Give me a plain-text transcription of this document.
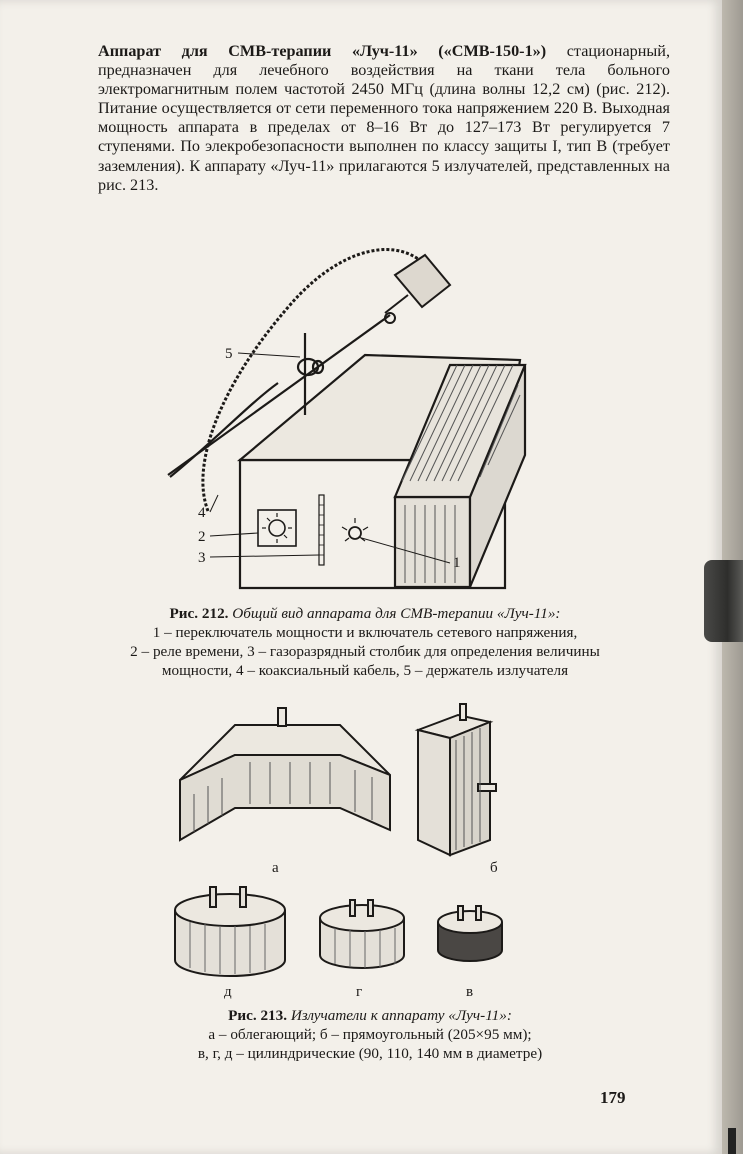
Аппарат для СМВ-терапии «Луч-11» («СМВ-150-1») стационарный, предназначен для лечебного воздействия на ткани тела больного электромагнитным полем частотой 2450 МГц (длина волны 12,2 см) (рис. 212). Питание осуществляется от сети переменного тока напряжением 220 В. Выходная мощность аппарата в пределах от 8–16 Вт до 127–173 Вт регулируется 7 ступенями. По элекробезопасности выполнен по классу защиты I, тип В (требует заземления). К аппарату «Луч-11» прилагаются 5 излучателей, представленных на рис. 213.

5
4
2
3	1

Рис. 212. Общий вид аппарата для СМВ-терапии «Луч-11»:

1 – переключатель мощности и включатель сетевого напряжения,

2 – реле времени, 3 – газоразрядный столбик для определения величины

мощности, 4 – коаксиальный кабель, 5 – держатель излучателя

а	б
д	г	в

Рис. 213. Излучатели к аппарату «Луч-11»:

а – облегающий; б – прямоугольный (205×95 мм);

в, г, д – цилиндрические (90, 110, 140 мм в диаметре)

179
